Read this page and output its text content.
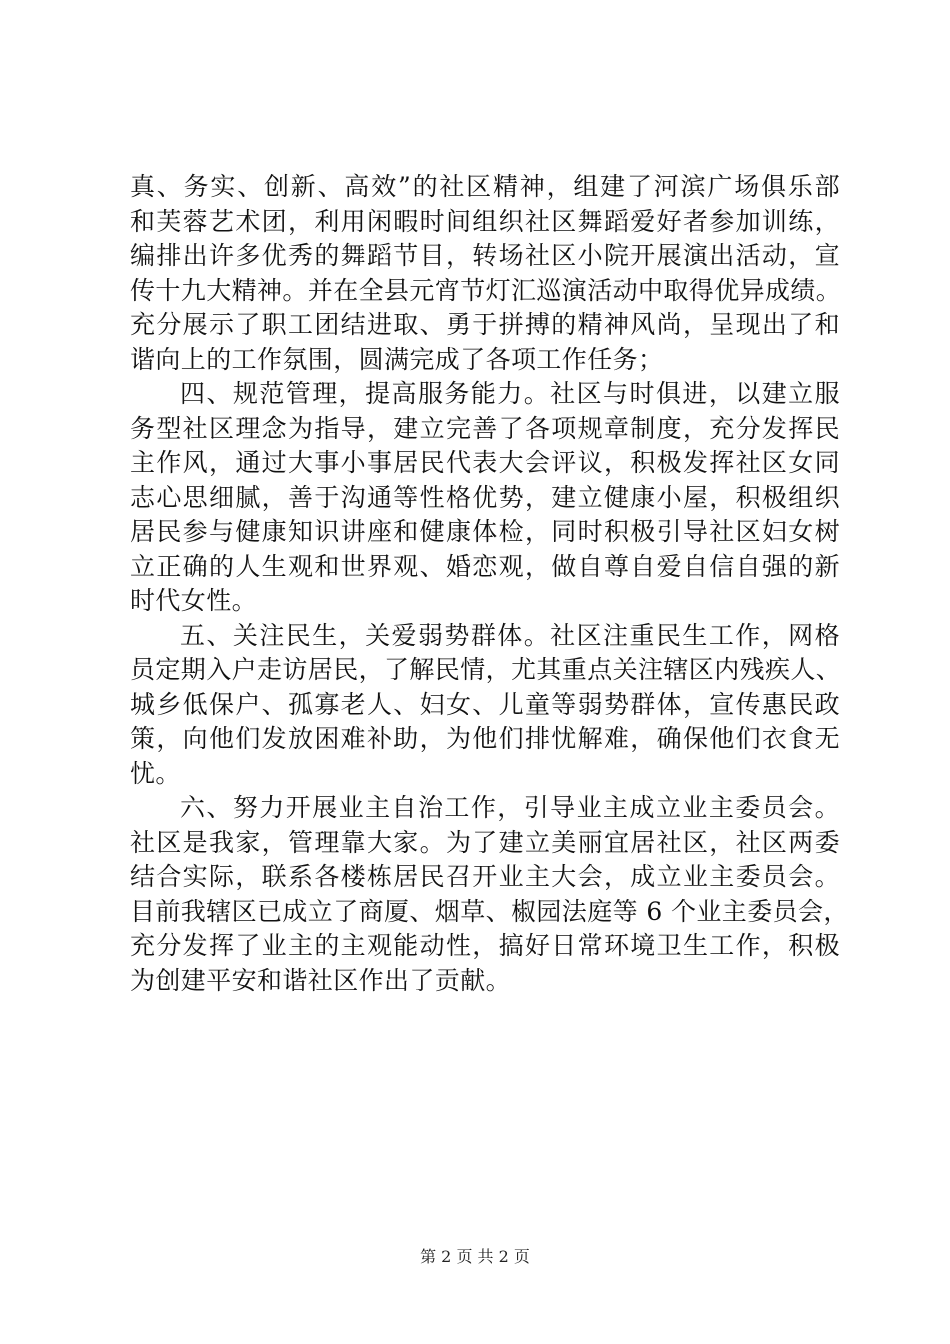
真、务实、创新、高效”的社区精神，组建了河滨广场俱乐部
和芙蓉艺术团，利用闲暇时间组织社区舞蹈爱好者参加训练，
编排出许多优秀的舞蹈节目，转场社区小院开展演出活动，宣
传十九大精神。并在全县元宵节灯汇巡演活动中取得优异成绩。
充分展示了职工团结进取、勇于拼搏的精神风尚，呈现出了和
谐向上的工作氛围，圆满完成了各项工作任务；
四、规范管理，提高服务能力。社区与时俱进，以建立服
务型社区理念为指导，建立完善了各项规章制度，充分发挥民
主作风，通过大事小事居民代表大会评议，积极发挥社区女同
志心思细腻，善于沟通等性格优势，建立健康小屋，积极组织
居民参与健康知识讲座和健康体检，同时积极引导社区妇女树
立正确的人生观和世界观、婚恋观，做自尊自爱自信自强的新
时代女性。
五、关注民生，关爱弱势群体。社区注重民生工作，网格
员定期入户走访居民，了解民情，尤其重点关注辖区内残疾人、
城乡低保户、孤寡老人、妇女、儿童等弱势群体，宣传惠民政
策，向他们发放困难补助，为他们排忧解难，确保他们衣食无
忧。
六、努力开展业主自治工作，引导业主成立业主委员会。
社区是我家，管理靠大家。为了建立美丽宜居社区，社区两委
结合实际，联系各楼栋居民召开业主大会，成立业主委员会。
目前我辖区已成立了商厦、烟草、椒园法庭等 6 个业主委员会，
充分发挥了业主的主观能动性，搞好日常环境卫生工作，积极
为创建平安和谐社区作出了贡献。
第 2 页 共 2 页
